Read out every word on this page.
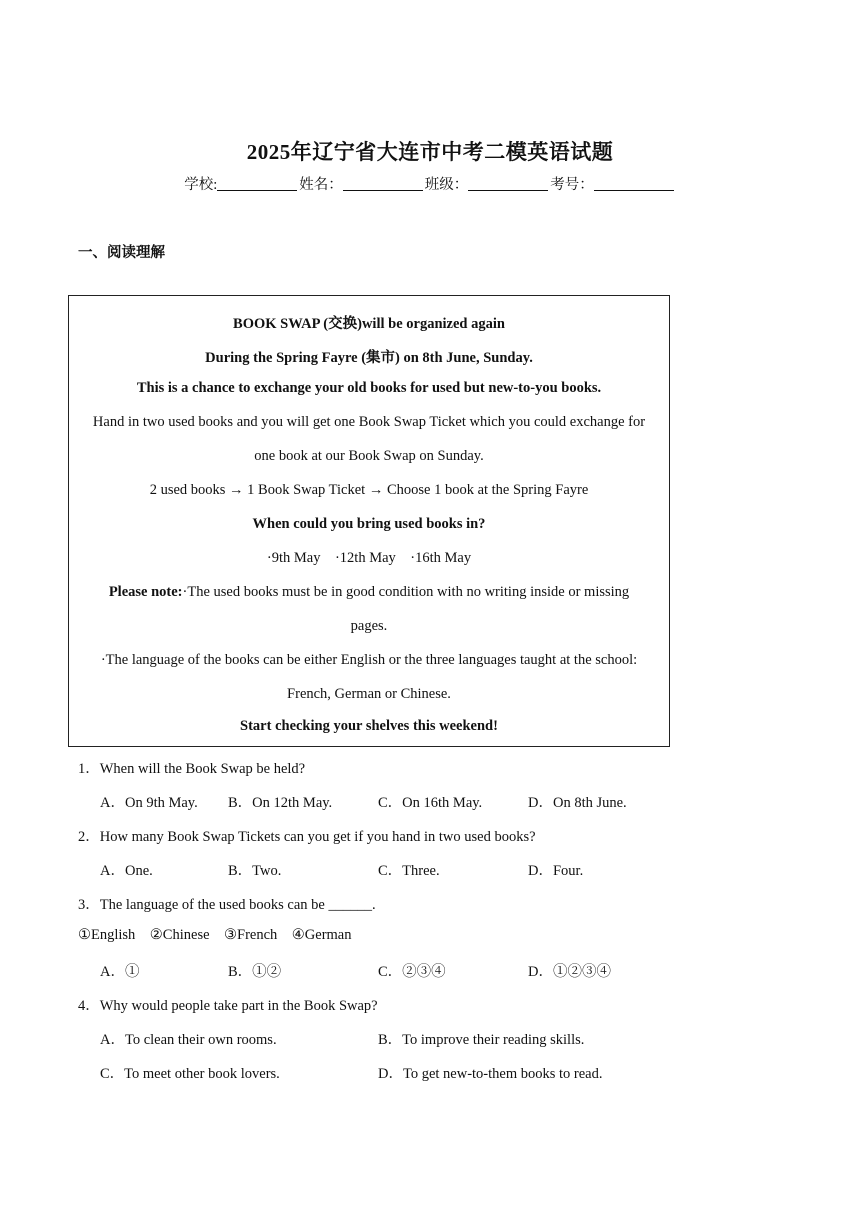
2025年辽宁省大连市中考二模英语试题
学校:	姓名：	班级：	考号：
一、阅读理解
BOOK SWAP (交换)will be organized again
During the Spring Fayre (集市) on 8th June, Sunday.
This is a chance to exchange your old books for used but new-to-you books.
Hand in two used books and you will get one Book Swap Ticket which you could exchange for
one book at our Book Swap on Sunday.
2 used books → 1 Book Swap Ticket → Choose 1 book at the Spring Fayre
When could you bring used books in?
·9th May    ·12th May    ·16th May
Please note:·The used books must be in good condition with no writing inside or missing
pages.
·The language of the books can be either English or the three languages taught at the school:
French, German or Chinese.
Start checking your shelves this weekend!
1．When will the Book Swap be held?
A．On 9th May. B．On 12th May.	C．On 16th May.	D．On 8th June.
2．How many Book Swap Tickets can you get if you hand in two used books?
A．One.	B．Two.	C．Three.	D．Four.
3．The language of the used books can be ______.
①English    ②Chinese    ③French    ④German
A．①	B．①②	C．②③④	D．①②③④
4．Why would people take part in the Book Swap?
A．To clean their own rooms.	B．To improve their reading skills.
C．To meet other book lovers.	D．To get new-to-them books to read.
